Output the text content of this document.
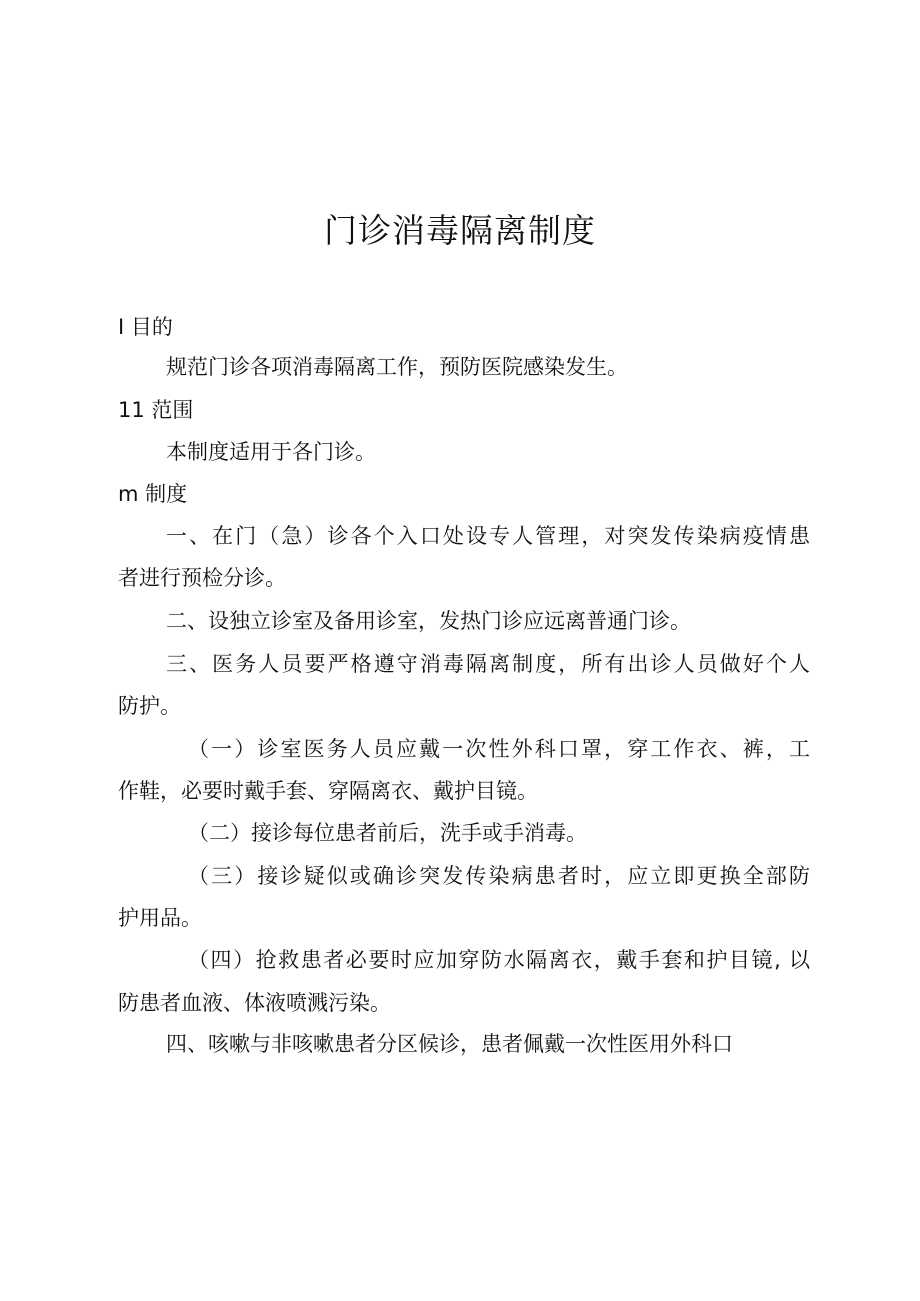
门诊消毒隔离制度

I 目的

规范门诊各项消毒隔离工作，预防医院感染发生。

11 范围

本制度适用于各门诊。

m 制度

一、在门（急）诊各个入口处设专人管理，对突发传染病疫情患

者进行预检分诊。

二、设独立诊室及备用诊室，发热门诊应远离普通门诊。

三、医务人员要严格遵守消毒隔离制度，所有出诊人员做好个人

防护。

（一）诊室医务人员应戴一次性外科口罩，穿工作衣、裤，工

作鞋，必要时戴手套、穿隔离衣、戴护目镜。

（二）接诊每位患者前后，洗手或手消毒。

（三）接诊疑似或确诊突发传染病患者时，应立即更换全部防

护用品。

（四）抢救患者必要时应加穿防水隔离衣，戴手套和护目镜, 以

防患者血液、体液喷溅污染。

四、咳嗽与非咳嗽患者分区候诊，患者佩戴一次性医用外科口
